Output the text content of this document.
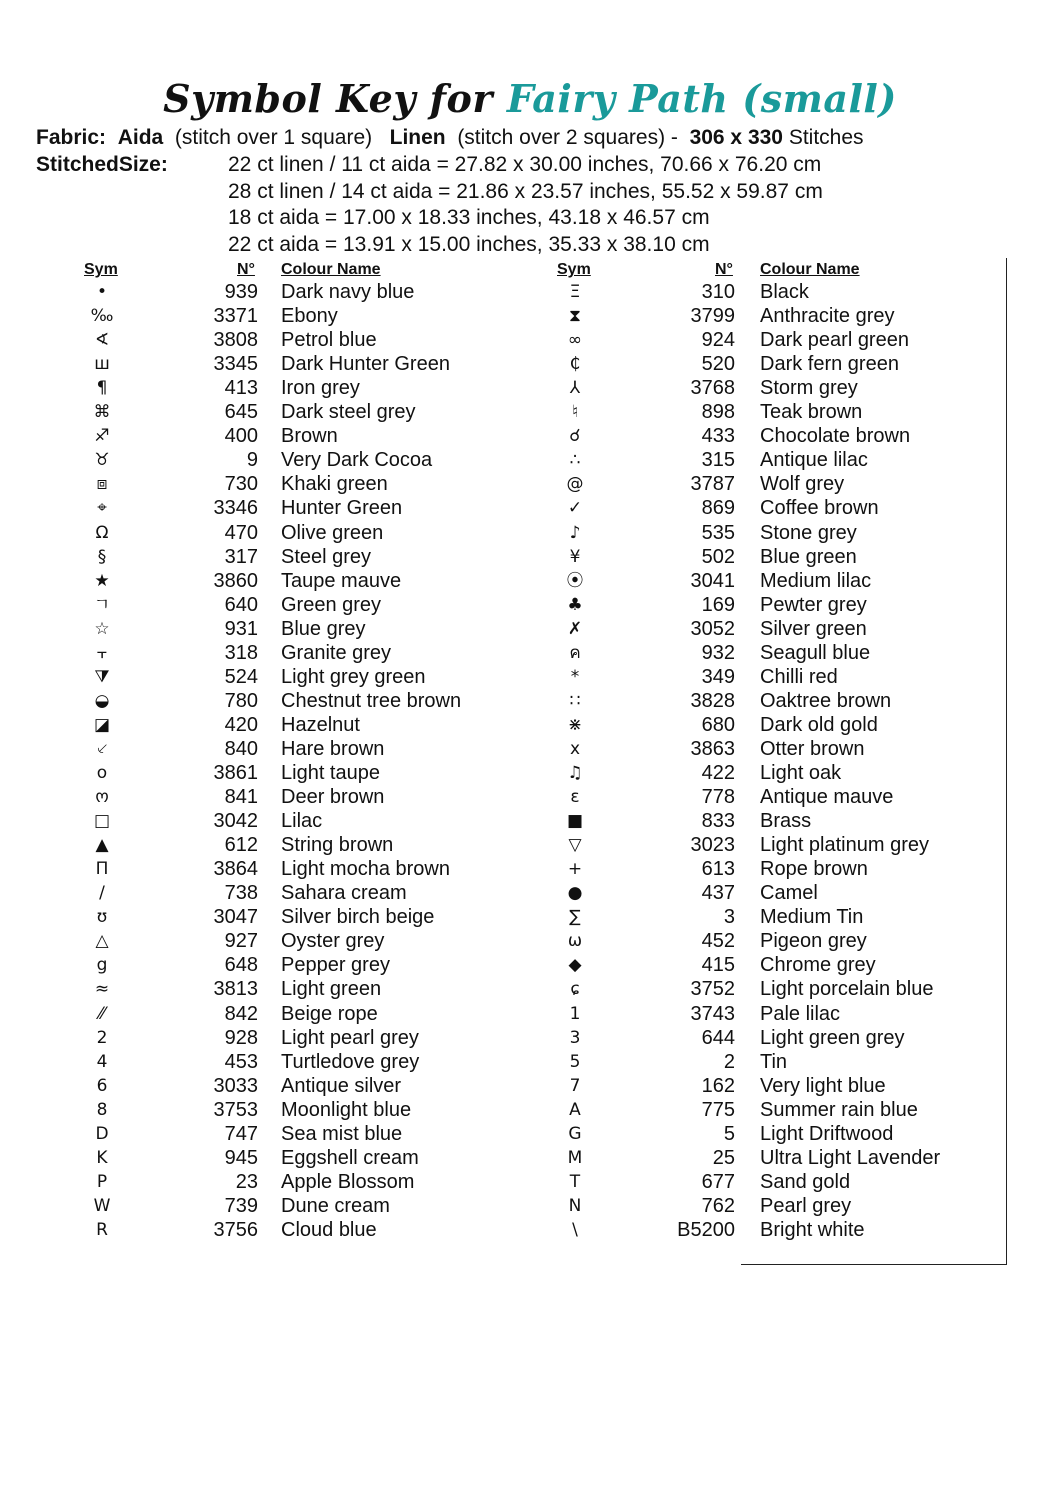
Symbol Key for Fairy Path (small)
Fabric: Aida (stitch over 1 square) Linen (stitch over 2 squares) - 306 x 330 Stitches
StitchedSize:	22 ct linen / 11 ct aida = 27.82 x 30.00 inches, 70.66 x 76.20 cm
28 ct linen / 14 ct aida = 21.86 x 23.57 inches, 55.52 x 59.87 cm
18 ct aida = 17.00 x 18.33 inches, 43.18 x 46.57 cm
22 ct aida = 13.91 x 15.00 inches, 35.33 x 38.10 cm
Sym	N° Colour Name	Sym	N° Colour Name
•	939 Dark navy blue
‰	3371 Ebony
∢	3808 Petrol blue
ш	3345 Dark Hunter Green
¶	413 Iron grey
⌘	645 Dark steel grey
♐	400 Brown
♉	9 Very Dark Cocoa
⧈	730 Khaki green
⌖	3346 Hunter Green
Ω	470 Olive green
§	317 Steel grey
★	3860 Taupe mauve
ㄱ	640 Green grey
☆	931 Blue grey
⫟	318 Granite grey
⧩	524 Light grey green
◒	780 Chestnut tree brown
◪	420 Hazelnut
⸔	840 Hare brown
o	3861 Light taupe
ო	841 Deer brown
□	3042 Lilac
▲	612 String brown
Π	3864 Light mocha brown
/	738 Sahara cream
ʊ	3047 Silver birch beige
△	927 Oyster grey
g	648 Pepper grey
≈	3813 Light green
⁄⁄	842 Beige rope
2	928 Light pearl grey
4	453 Turtledove grey
6	3033 Antique silver
8	3753 Moonlight blue
D	747 Sea mist blue
K	945 Eggshell cream
P	23 Apple Blossom
W	739 Dune cream
R	3756 Cloud blue
Ξ	310 Black
⧗	3799 Anthracite grey
∞	924 Dark pearl green
₵	520 Dark fern green
⅄	3768 Storm grey
♮	898 Teak brown
☌	433 Chocolate brown
∴	315 Antique lilac
@	3787 Wolf grey
✓	869 Coffee brown
♪	535 Stone grey
¥	502 Blue green
⦿	3041 Medium lilac
♣	169 Pewter grey
✗	3052 Silver green
ค	932 Seagull blue
*	349 Chilli red
∷	3828 Oaktree brown
⋇	680 Dark old gold
x	3863 Otter brown
♫	422 Light oak
ε	778 Antique mauve
■	833 Brass
▽	3023 Light platinum grey
+	613 Rope brown
●	437 Camel
∑	3 Medium Tin
ω	452 Pigeon grey
◆	415 Chrome grey
ɕ	3752 Light porcelain blue
1	3743 Pale lilac
3	644 Light green grey
5	2 Tin
7	162 Very light blue
A	775 Summer rain blue
G	5 Light Driftwood
M	25 Ultra Light Lavender
T	677 Sand gold
N	762 Pearl grey
\	B5200 Bright white
